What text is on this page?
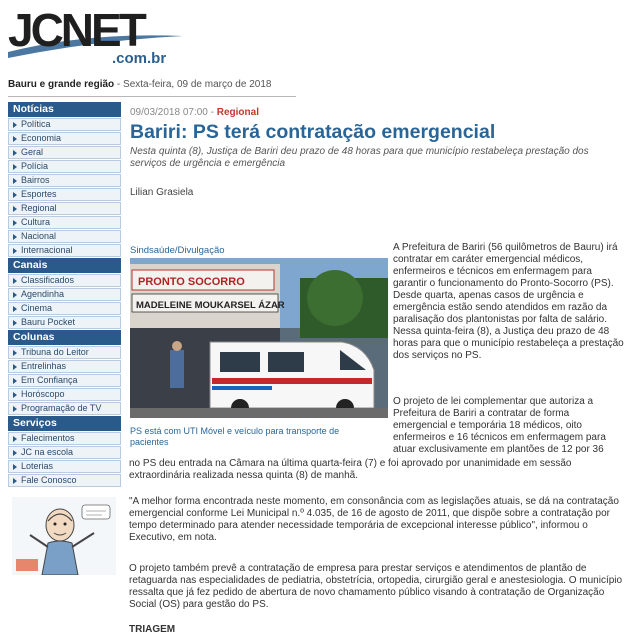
JCNET
.com.br
Bauru e grande região - Sexta-feira, 09 de março de 2018
Notícias
Política
Economia
Geral
Polícia
Bairros
Esportes
Regional
Cultura
Nacional
Internacional
Canais
Classificados
Agendinha
Cinema
Bauru Pocket
Colunas
Tribuna do Leitor
Entrelinhas
Em Confiança
Horóscopo
Programação de TV
Serviços
Falecimentos
JC na escola
Loterias
Fale Conosco
09/03/2018 07:00 - Regional
Bariri: PS terá contratação emergencial

Nesta quinta (8), Justiça de Bariri deu prazo de 48 horas para que município restabeleça prestação dos serviços de urgência e emergência

Lilian Grasiela

Sindsaúde/Divulgação
PRONTO SOCORRO
MADELEINE MOUKARSEL ÁZAR
PS está com UTI Móvel e veículo para transporte de pacientes

A Prefeitura de Bariri (56 quilômetros de Bauru) irá contratar em caráter emergencial médicos, enfermeiros e técnicos em enfermagem para garantir o funcionamento do Pronto-Socorro (PS). Desde quarta, apenas casos de urgência e emergência estão sendo atendidos em razão da paralisação dos plantonistas por falta de salário. Nessa quinta-feira (8), a Justiça deu prazo de 48 horas para que o município restabeleça a prestação dos serviços no PS.

O projeto de lei complementar que autoriza a Prefeitura de Bariri a contratar de forma emergencial e temporária 18 médicos, oito enfermeiros e 16 técnicos em enfermagem para atuar exclusivamente em plantões de 12 por 36

no PS deu entrada na Câmara na última quarta-feira (7) e foi aprovado por unanimidade em sessão extraordinária realizada nessa quinta (8) de manhã.

"A melhor forma encontrada neste momento, em consonância com as legislações atuais, se dá na contratação emergencial conforme Lei Municipal n.º 4.035, de 16 de agosto de 2011, que dispõe sobre a contratação por tempo determinado para atender necessidade temporária de excepcional interesse público", informou o Executivo, em nota.

O projeto também prevê a contratação de empresa para prestar serviços e atendimentos de plantão de retaguarda nas especialidades de pediatria, obstetrícia, ortopedia, cirurgião geral e anestesiologia. O município ressalta que já fez pedido de abertura de novo chamamento público visando à contratação de Organização Social (OS) para gestão do PS.

TRIAGEM
